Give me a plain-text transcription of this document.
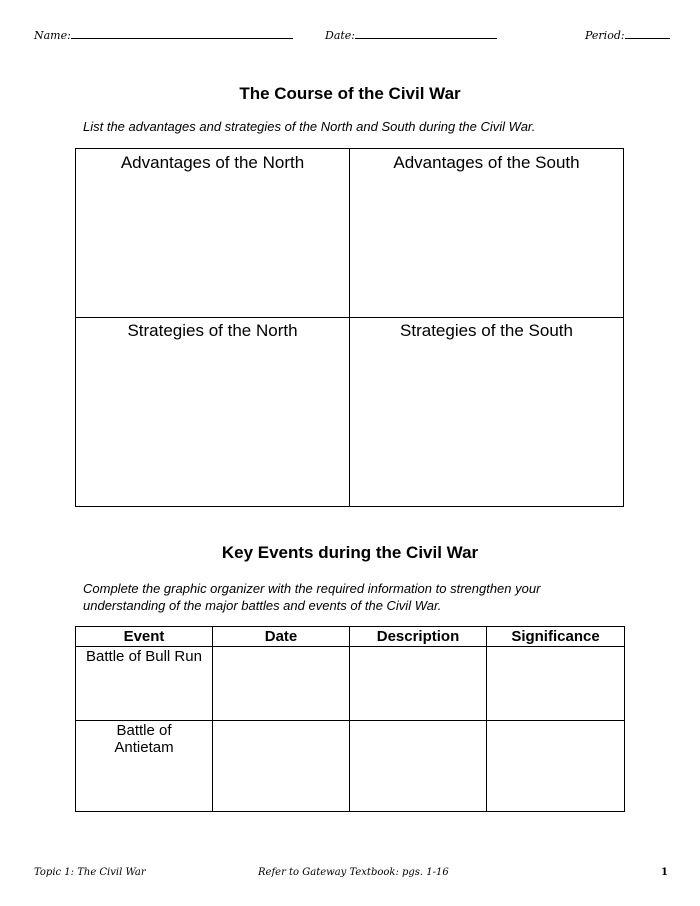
Name:	Date:	Period:
The Course of the Civil War
List the advantages and strategies of the North and South during the Civil War.
Advantages of the North	Advantages of the South
Strategies of the North	Strategies of the South
Key Events during the Civil War
Complete the graphic organizer with the required information to strengthen your understanding of the major battles and events of the Civil War.
Event	Date	Description	Significance
Battle of Bull Run			
Battle of Antietam			
Topic 1: The Civil War	Refer to Gateway Textbook: pgs. 1-16	1
